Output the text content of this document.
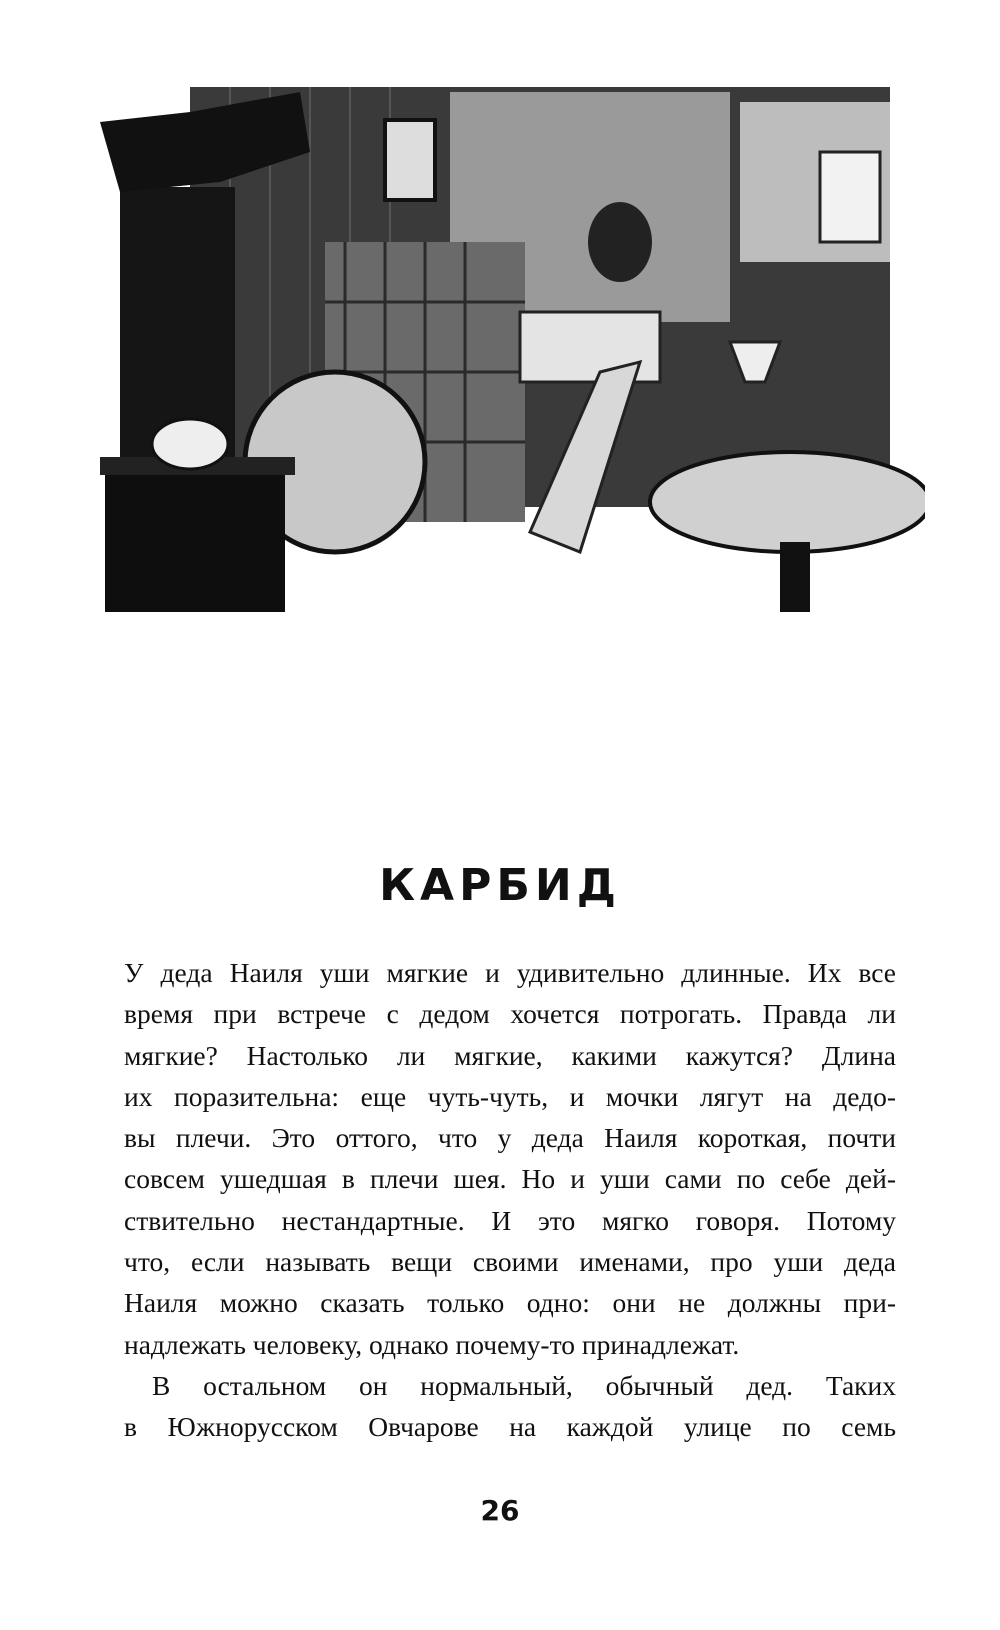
КАРБИД
У деда Наиля уши мягкие и удивительно длинные. Их все
время при встрече с дедом хочется потрогать. Правда ли
мягкие? Настолько ли мягкие, какими кажутся? Длина
их поразительна: еще чуть-чуть, и мочки лягут на дедо-
вы плечи. Это оттого, что у деда Наиля короткая, почти
совсем ушедшая в плечи шея. Но и уши сами по себе дей-
ствительно нестандартные. И это мягко говоря. Потому
что, если называть вещи своими именами, про уши деда
Наиля можно сказать только одно: они не должны при-
надлежать человеку, однако почему-то принадлежат.
В остальном он нормальный, обычный дед. Таких
в Южнорусском Овчарове на каждой улице по семь
26
